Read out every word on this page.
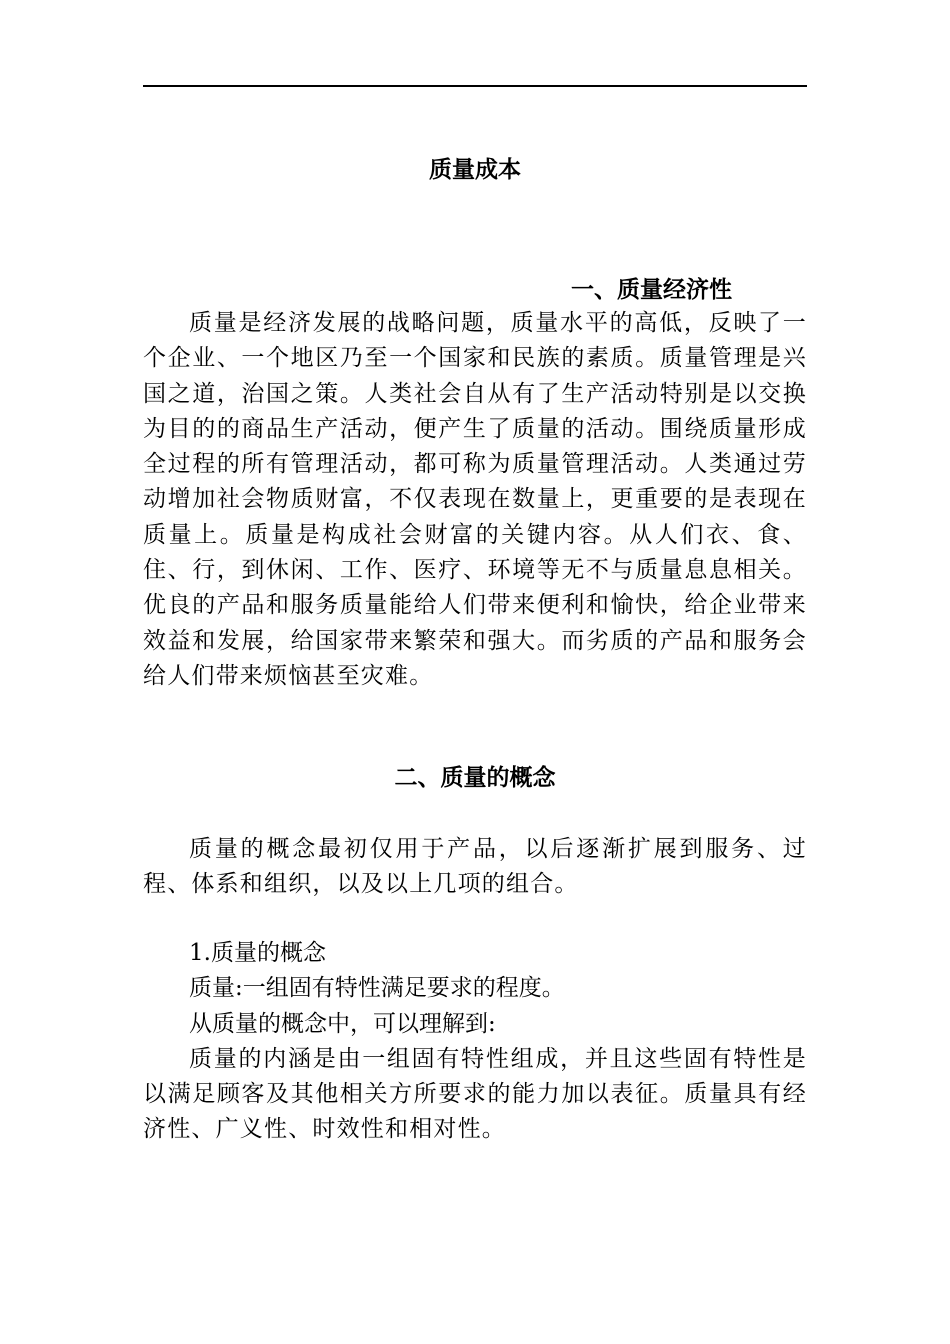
质量成本
一、质量经济性

质量是经济发展的战略问题，质量水平的高低，反映了一个企业、一个地区乃至一个国家和民族的素质。质量管理是兴国之道，治国之策。人类社会自从有了生产活动特别是以交换为目的的商品生产活动，便产生了质量的活动。围绕质量形成全过程的所有管理活动，都可称为质量管理活动。人类通过劳动增加社会物质财富，不仅表现在数量上，更重要的是表现在质量上。质量是构成社会财富的关键内容。从人们衣、食、住、行，到休闲、工作、医疗、环境等无不与质量息息相关。优良的产品和服务质量能给人们带来便利和愉快，给企业带来效益和发展，给国家带来繁荣和强大。而劣质的产品和服务会给人们带来烦恼甚至灾难。

二、质量的概念

质量的概念最初仅用于产品，以后逐渐扩展到服务、过程、体系和组织，以及以上几项的组合。

1.质量的概念

质量:一组固有特性满足要求的程度。

从质量的概念中，可以理解到:

质量的内涵是由一组固有特性组成，并且这些固有特性是以满足顾客及其他相关方所要求的能力加以表征。质量具有经济性、广义性、时效性和相对性。
